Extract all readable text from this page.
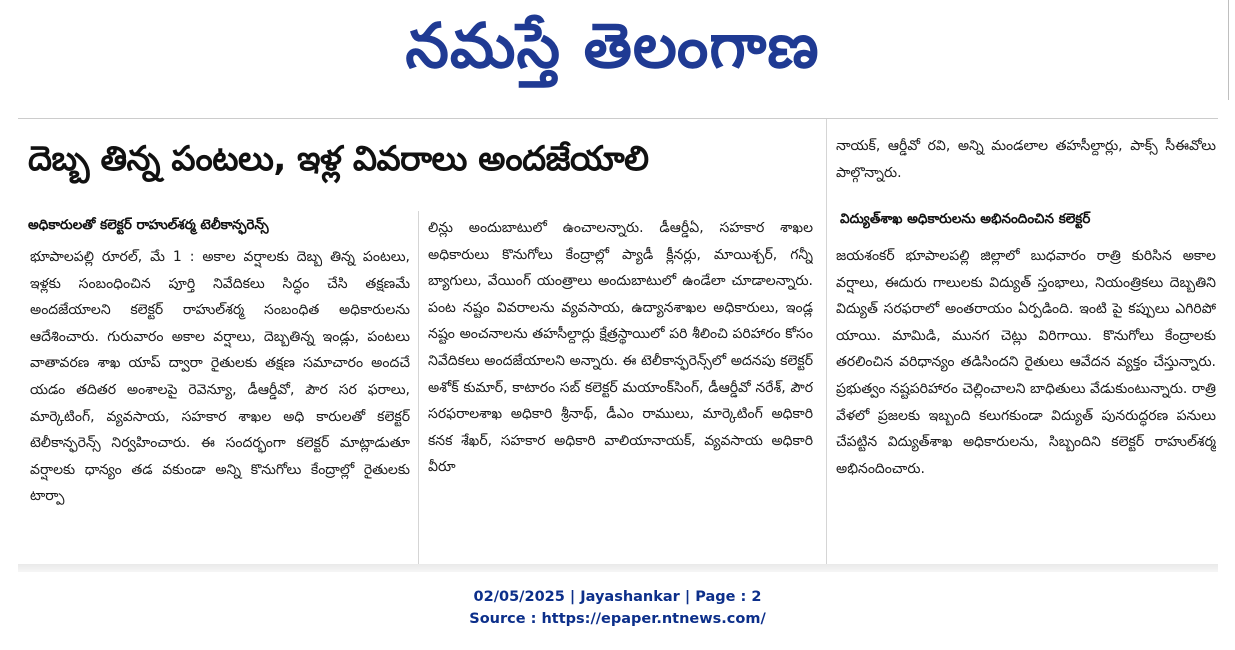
నమస్తే తెలంగాణ
దెబ్బ తిన్న పంటలు, ఇళ్ల వివరాలు అందజేయాలి
అధికారులతో కలెక్టర్ రాహుల్‌శర్మ టెలీకాన్ఫరెన్స్

భూపాలపల్లి రూరల్, మే 1 : అకాల వర్షాలకు దెబ్బ తిన్న పంటలు, ఇళ్లకు సంబంధించిన పూర్తి నివేదికలు సిద్ధం చేసి తక్షణమే అందజేయాలని కలెక్టర్ రాహుల్‌శర్మ సంబంధిత అధికారులను ఆదేశించారు. గురువారం అకాల వర్షాలు, దెబ్బతిన్న ఇండ్లు, పంటలు వాతావరణ శాఖ యాప్ ద్వారా రైతులకు తక్షణ సమాచారం అందచే యడం తదితర అంశాలపై రెవెన్యూ, డీఆర్డీవో, పౌర సర ఫరాలు, మార్కెటింగ్, వ్యవసాయ, సహకార శాఖల అధి కారులతో కలెక్టర్ టెలీకాన్ఫరెన్స్ నిర్వహించారు. ఈ సందర్భంగా కలెక్టర్ మాట్లాడుతూ వర్షాలకు ధాన్యం తడ వకుండా అన్ని కొనుగోలు కేంద్రాల్లో రైతులకు టార్పా

లిన్లు అందుబాటులో ఉంచాలన్నారు. డీఆర్డీఏ, సహకార శాఖల అధికారులు కొనుగోలు కేంద్రాల్లో ప్యాడీ క్లీనర్లు, మాయిశ్చర్, గన్నీ బ్యాగులు, వేయింగ్ యంత్రాలు అందుబాటులో ఉండేలా చూడాలన్నారు. పంట నష్టం వివరాలను వ్యవసాయ, ఉద్యానశాఖల అధికారులు, ఇండ్ల నష్టం అంచనాలను తహసీల్దార్లు క్షేత్రస్థాయిలో పరి శీలించి పరిహారం కోసం నివేదికలు అందజేయాలని అన్నారు. ఈ టెలీకాన్ఫరెన్స్‌లో అదనపు కలెక్టర్ అశోక్ కుమార్, కాటారం సబ్ కలెక్టర్ మయాంక్‌సింగ్, డీఆర్డీవో నరేశ్, పౌర సరఫరాలశాఖ అధికారి శ్రీనాథ్, డీఎం రాములు, మార్కెటింగ్ అధికారి కనక శేఖర్, సహకార అధికారి వాలియానాయక్, వ్యవసాయ అధికారి వీరూ

నాయక్, ఆర్డీవో రవి, అన్ని మండలాల తహసీల్దార్లు, పాక్స్ సీఈవోలు పాల్గొన్నారు.

విద్యుత్‌శాఖ అధికారులను అభినందించిన కలెక్టర్

జయశంకర్ భూపాలపల్లి జిల్లాలో బుధవారం రాత్రి కురిసిన అకాల వర్షాలు, ఈదురు గాలులకు విద్యుత్ స్తంభాలు, నియంత్రికలు దెబ్బతిని విద్యుత్ సరఫరాలో అంతరాయం ఏర్పడింది. ఇంటి పై కప్పులు ఎగిరిపో యాయి. మామిడి, మునగ చెట్లు విరిగాయి. కొనుగోలు కేంద్రాలకు తరలించిన వరిధాన్యం తడిసిందని రైతులు ఆవేదన వ్యక్తం చేస్తున్నారు. ప్రభుత్వం నష్టపరిహారం చెల్లించాలని బాధితులు వేడుకుంటున్నారు. రాత్రి వేళలో ప్రజలకు ఇబ్బంది కలుగకుండా విద్యుత్ పునరుద్ధరణ పనులు చేపట్టిన విద్యుత్‌శాఖ అధికారులను, సిబ్బందిని కలెక్టర్ రాహుల్‌శర్మ అభినందించారు.

02/05/2025 | Jayashankar | Page : 2
Source : https://epaper.ntnews.com/
